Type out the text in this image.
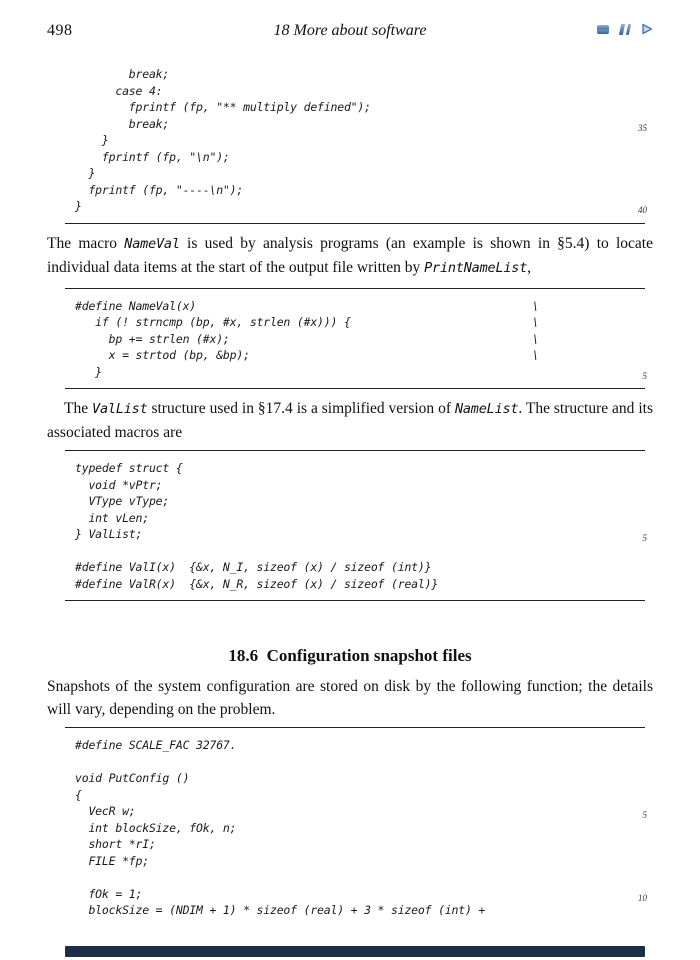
498	18 More about software
break;
case 4:
fprintf (fp, "** multiply defined");
break;	35
}
fprintf (fp, "\n");
}
fprintf (fp, "----\n");
}	40

The macro NameVal is used by analysis programs (an example is shown in §5.4) to locate individual data items at the start of the output file written by PrintNameList,

#define NameVal(x)                                                  \
if (! strncmp (bp, #x, strlen (#x))) {                           \
bp += strlen (#x);                                             \
x = strtod (bp, &bp);                                          \
}	5

The ValList structure used in §17.4 is a simplified version of NameList. The structure and its associated macros are

typedef struct {
void *vPtr;
VType vType;
int vLen;
} ValList;	5

#define ValI(x)  {&x, N_I, sizeof (x) / sizeof (int)}
#define ValR(x)  {&x, N_R, sizeof (x) / sizeof (real)}
18.6  Configuration snapshot files

Snapshots of the system configuration are stored on disk by the following function; the details will vary, depending on the problem.

#define SCALE_FAC 32767.

void PutConfig ()
{
VecR w;	5
int blockSize, fOk, n;
short *rI;
FILE *fp;

fOk = 1;	10
blockSize = (NDIM + 1) * sizeof (real) + 3 * sizeof (int) +
